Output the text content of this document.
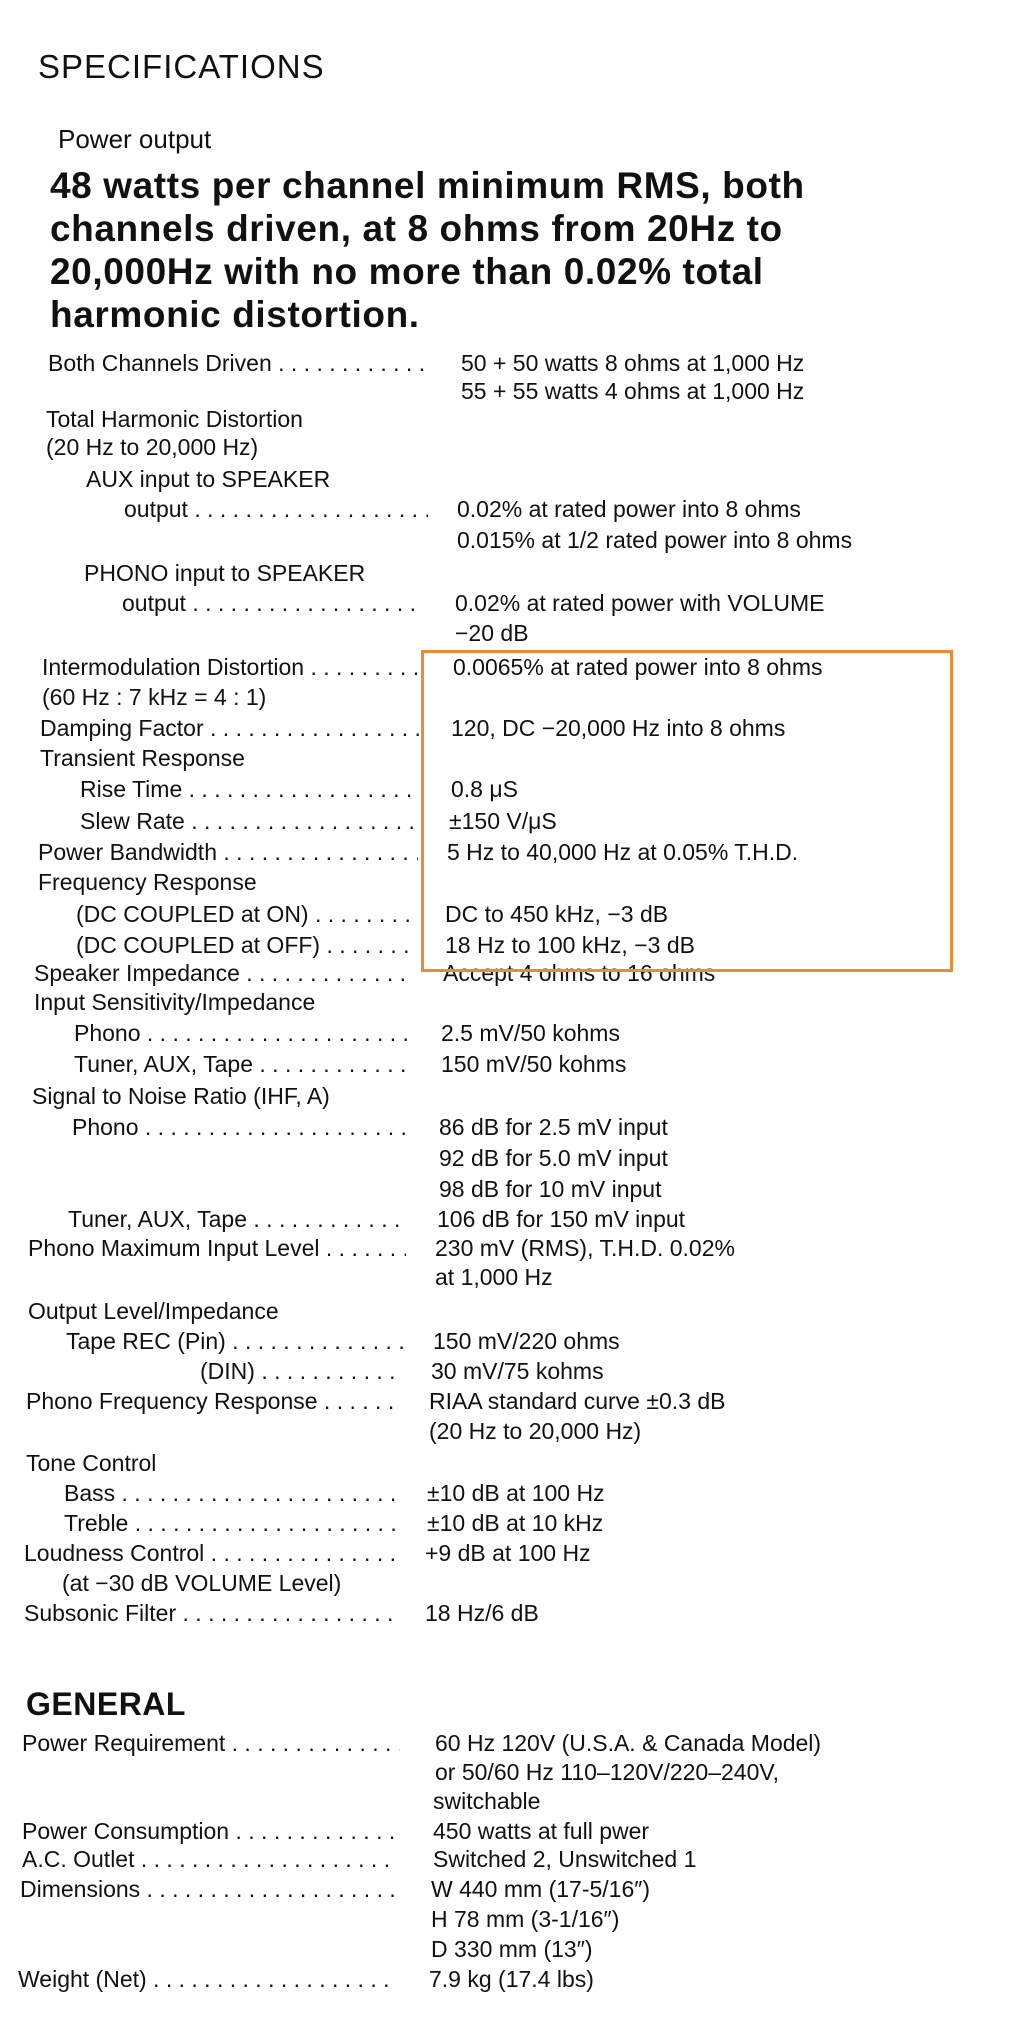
SPECIFICATIONS
Power output
48 watts per channel minimum RMS, both
channels driven, at 8 ohms from 20Hz to
20,000Hz with no more than 0.02% total
harmonic distortion.
Both Channels Driven . . .	50 + 50 watts 8 ohms at 1,000 Hz
55 + 55 watts 4 ohms at 1,000 Hz
Total Harmonic Distortion
(20 Hz to 20,000 Hz)
AUX input to SPEAKER
output . . .	0.02% at rated power into 8 ohms
0.015% at 1/2 rated power into 8 ohms
PHONO input to SPEAKER
output . . .	0.02% at rated power with VOLUME
−20 dB
Intermodulation Distortion . . .	0.0065% at rated power into 8 ohms
(60 Hz : 7 kHz = 4 : 1)
Damping Factor . . .	120, DC −20,000 Hz into 8 ohms
Transient Response
Rise Time . . .	0.8 μS
Slew Rate . . .	±150 V/μS
Power Bandwidth . . .	5 Hz to 40,000 Hz at 0.05% T.H.D.
Frequency Response
(DC COUPLED at ON) . . .	DC to 450 kHz, −3 dB
(DC COUPLED at OFF) . . .	18 Hz to 100 kHz, −3 dB
Speaker Impedance . . .	Accept 4 ohms to 16 ohms
Input Sensitivity/Impedance
Phono . . .	2.5 mV/50 kohms
Tuner, AUX, Tape . . .	150 mV/50 kohms
Signal to Noise Ratio (IHF, A)
Phono . . .	86 dB for 2.5 mV input
92 dB for 5.0 mV input
98 dB for 10 mV input
Tuner, AUX, Tape . . .	106 dB for 150 mV input
Phono Maximum Input Level . . .	230 mV (RMS), T.H.D. 0.02%
at 1,000 Hz
Output Level/Impedance
Tape REC (Pin) . . .	150 mV/220 ohms
(DIN) . . .	30 mV/75 kohms
Phono Frequency Response . . .	RIAA standard curve ±0.3 dB
(20 Hz to 20,000 Hz)
Tone Control
Bass . . .	±10 dB at 100 Hz
Treble . . .	±10 dB at 10 kHz
Loudness Control . . .	+9 dB at 100 Hz
(at −30 dB VOLUME Level)
Subsonic Filter . . .	18 Hz/6 dB
GENERAL
Power Requirement . . .	60 Hz 120V (U.S.A. & Canada Model)
or 50/60 Hz 110–120V/220–240V,
switchable
Power Consumption . . .	450 watts at full pwer
A.C. Outlet . . .	Switched 2, Unswitched 1
Dimensions . . .	W 440 mm (17-5/16″)
H 78 mm (3-1/16″)
D 330 mm (13″)
Weight (Net) . . .	7.9 kg (17.4 lbs)
